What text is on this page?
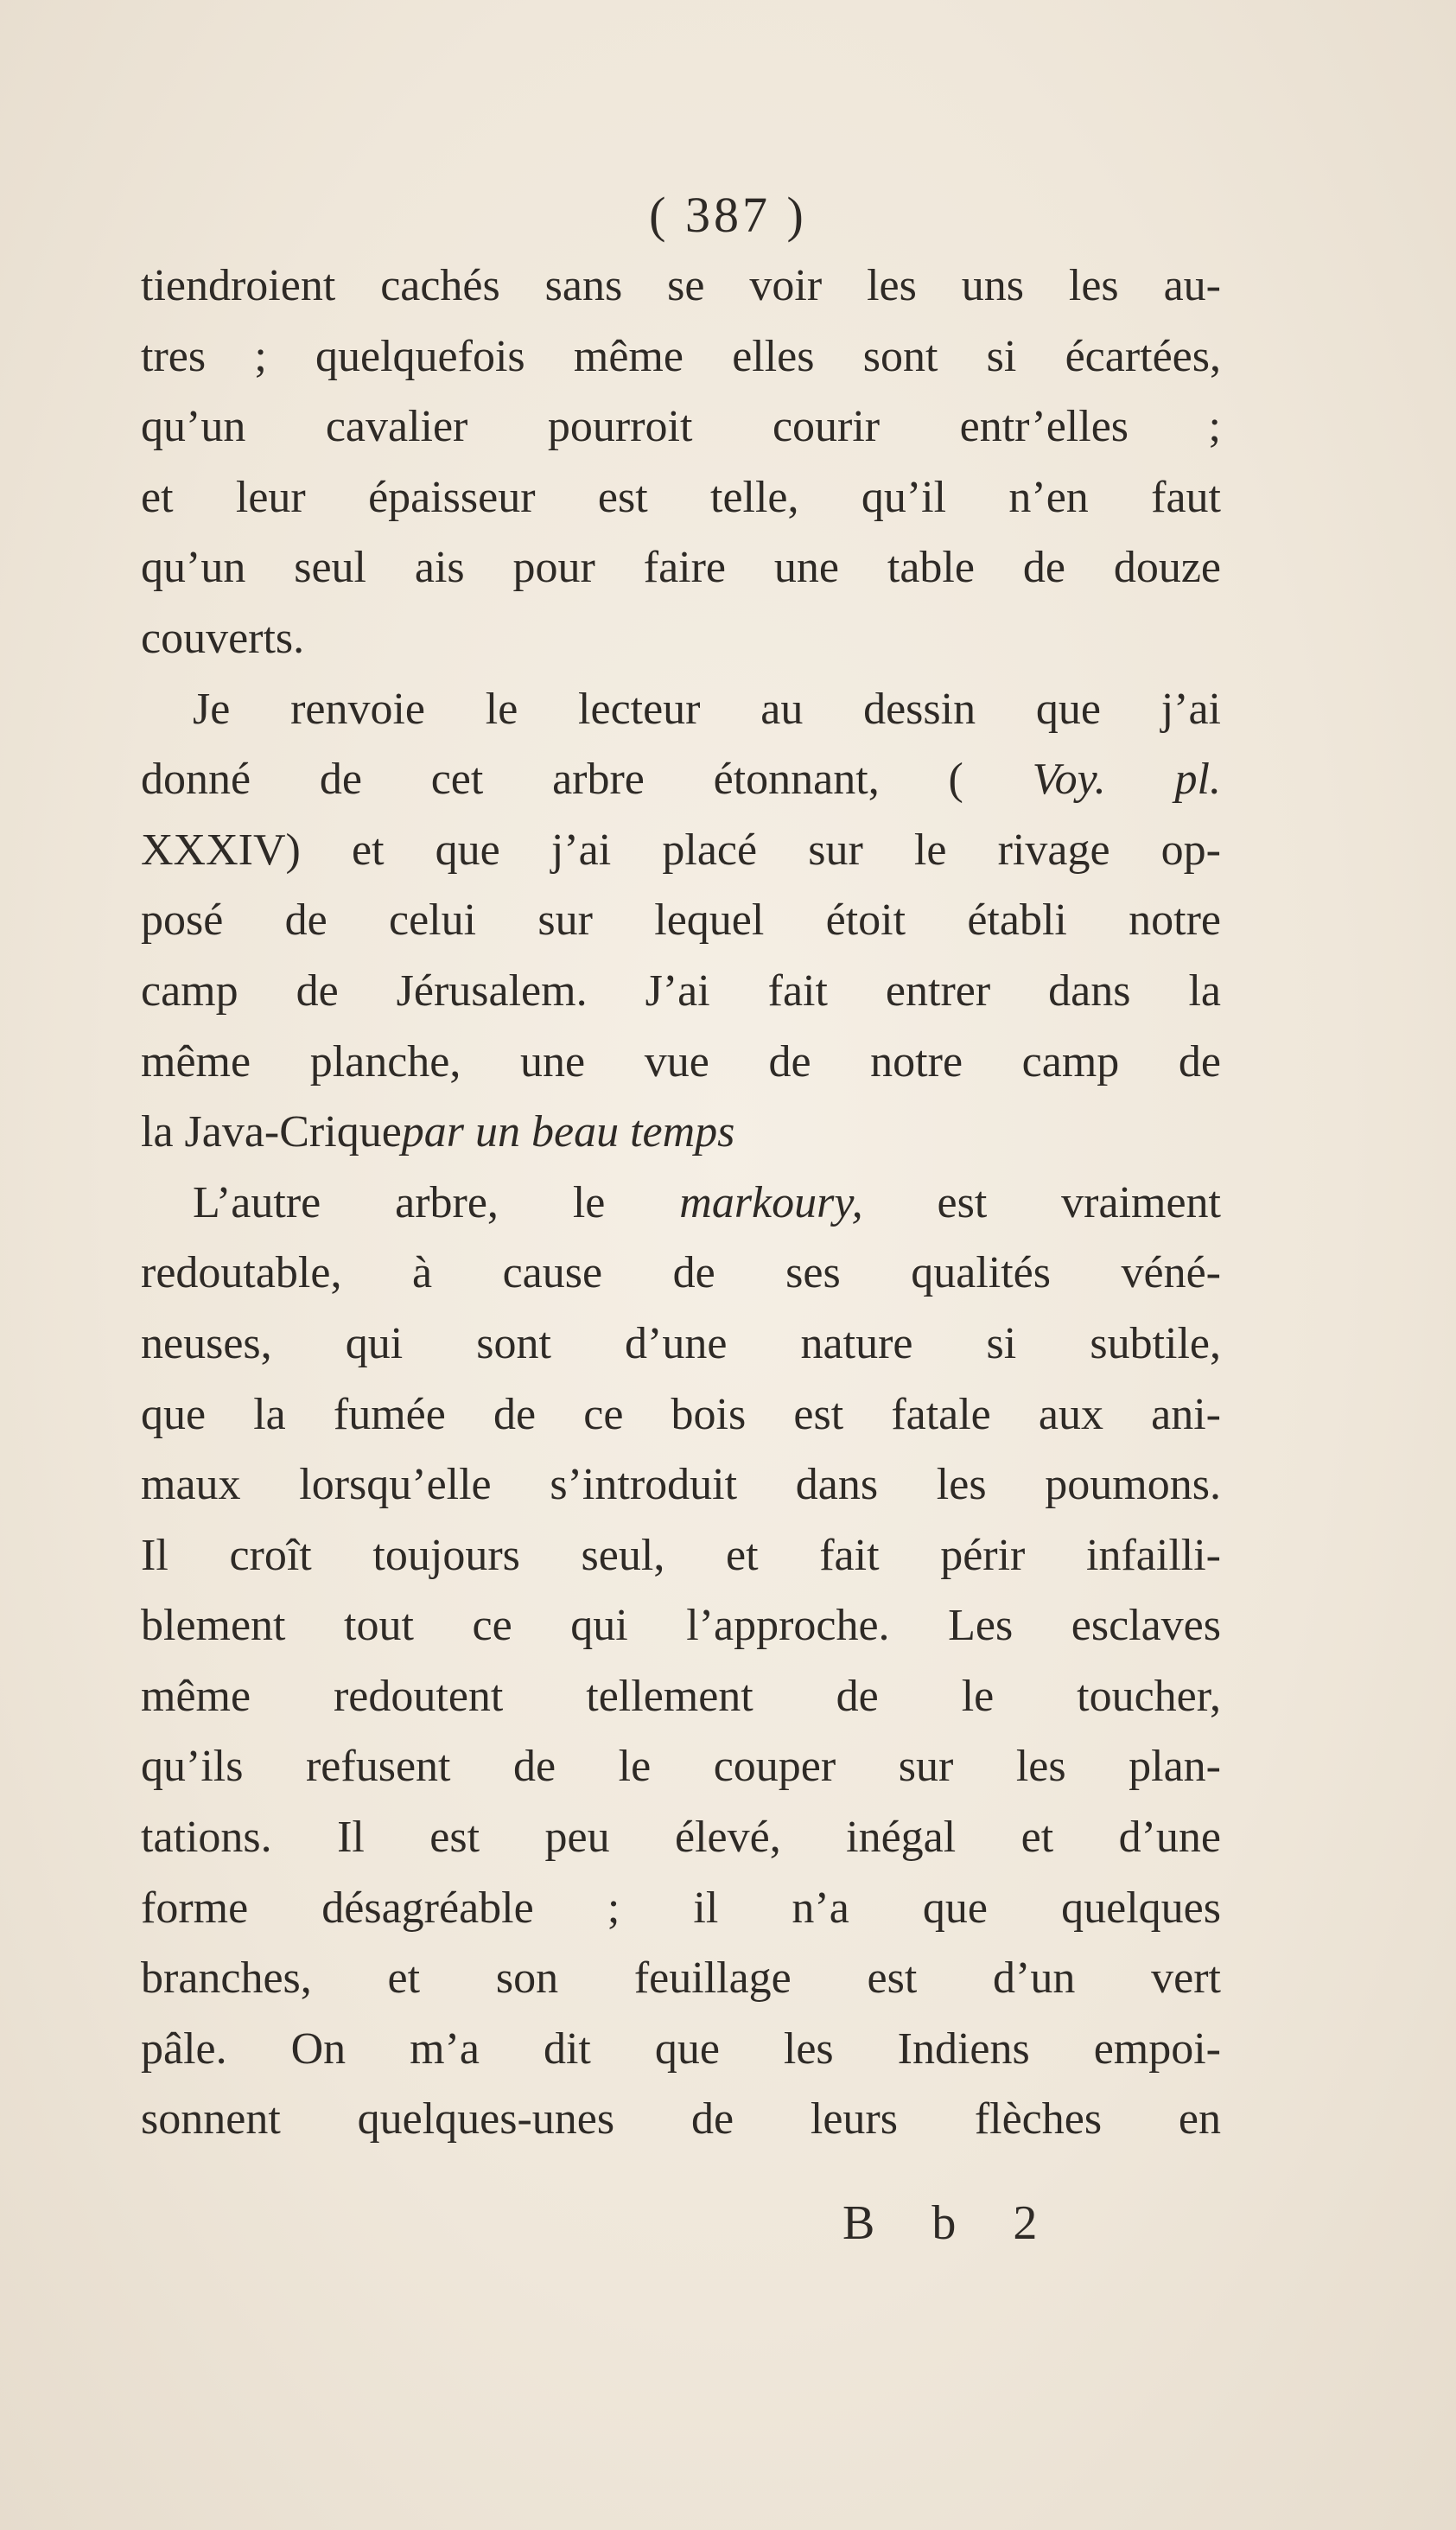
( 387 )
tiendroient cachés sans se voir les uns les au-
tres ; quelquefois même elles sont si écartées,
qu’un cavalier pourroit courir entr’elles ;
et leur épaisseur est telle, qu’il n’en faut
qu’un seul ais pour faire une table de douze
couverts.
Je renvoie le lecteur au dessin que j’ai
donné de cet arbre étonnant, ( Voy. pl.
XXXIV) et que j’ai placé sur le rivage op-
posé de celui sur lequel étoit établi notre
camp de Jérusalem. J’ai fait entrer dans la
même planche, une vue de notre camp de
la Java-Criquepar un beau temps
L’autre arbre, le markoury, est vraiment
redoutable, à cause de ses qualités véné-
neuses, qui sont d’une nature si subtile,
que la fumée de ce bois est fatale aux ani-
maux lorsqu’elle s’introduit dans les poumons.
Il croît toujours seul, et fait périr infailli-
blement tout ce qui l’approche. Les esclaves
même redoutent tellement de le toucher,
qu’ils refusent de le couper sur les plan-
tations. Il est peu élevé, inégal et d’une
forme désagréable ; il n’a que quelques
branches, et son feuillage est d’un vert
pâle. On m’a dit que les Indiens empoi-
sonnent quelques-unes de leurs flèches en
B b 2
